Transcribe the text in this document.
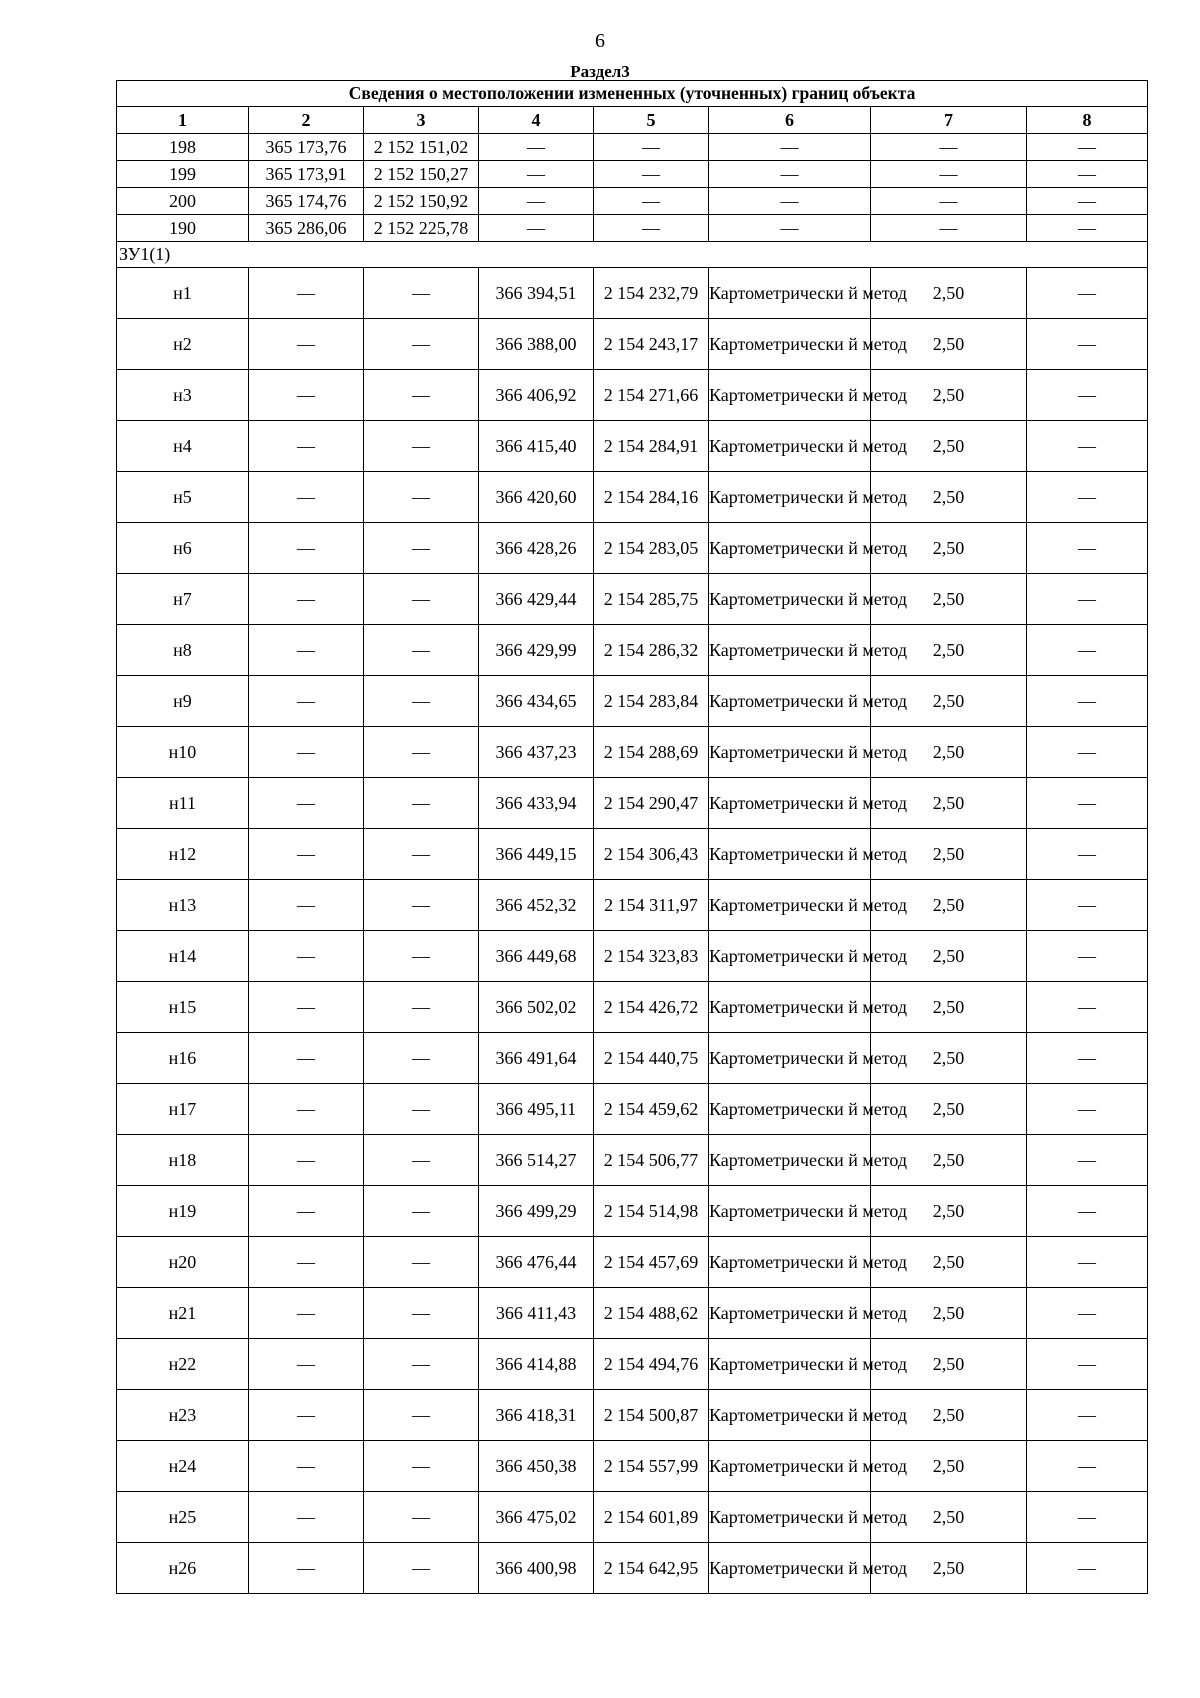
6
Раздел3
Сведения о местоположении измененных (уточненных) границ объекта							
1	2	3	4	5	6	7	8
198	365 173,76	2 152 151,02	—	—	—	—	—
199	365 173,91	2 152 150,27	—	—	—	—	—
200	365 174,76	2 152 150,92	—	—	—	—	—
190	365 286,06	2 152 225,78	—	—	—	—	—
ЗУ1(1)							
н1	—	—	366 394,51	2 154 232,79	Картометрически й метод	2,50	—
н2	—	—	366 388,00	2 154 243,17	Картометрически й метод	2,50	—
н3	—	—	366 406,92	2 154 271,66	Картометрически й метод	2,50	—
н4	—	—	366 415,40	2 154 284,91	Картометрически й метод	2,50	—
н5	—	—	366 420,60	2 154 284,16	Картометрически й метод	2,50	—
н6	—	—	366 428,26	2 154 283,05	Картометрически й метод	2,50	—
н7	—	—	366 429,44	2 154 285,75	Картометрически й метод	2,50	—
н8	—	—	366 429,99	2 154 286,32	Картометрически й метод	2,50	—
н9	—	—	366 434,65	2 154 283,84	Картометрически й метод	2,50	—
н10	—	—	366 437,23	2 154 288,69	Картометрически й метод	2,50	—
н11	—	—	366 433,94	2 154 290,47	Картометрически й метод	2,50	—
н12	—	—	366 449,15	2 154 306,43	Картометрически й метод	2,50	—
н13	—	—	366 452,32	2 154 311,97	Картометрически й метод	2,50	—
н14	—	—	366 449,68	2 154 323,83	Картометрически й метод	2,50	—
н15	—	—	366 502,02	2 154 426,72	Картометрически й метод	2,50	—
н16	—	—	366 491,64	2 154 440,75	Картометрически й метод	2,50	—
н17	—	—	366 495,11	2 154 459,62	Картометрически й метод	2,50	—
н18	—	—	366 514,27	2 154 506,77	Картометрически й метод	2,50	—
н19	—	—	366 499,29	2 154 514,98	Картометрически й метод	2,50	—
н20	—	—	366 476,44	2 154 457,69	Картометрически й метод	2,50	—
н21	—	—	366 411,43	2 154 488,62	Картометрически й метод	2,50	—
н22	—	—	366 414,88	2 154 494,76	Картометрически й метод	2,50	—
н23	—	—	366 418,31	2 154 500,87	Картометрически й метод	2,50	—
н24	—	—	366 450,38	2 154 557,99	Картометрически й метод	2,50	—
н25	—	—	366 475,02	2 154 601,89	Картометрически й метод	2,50	—
н26	—	—	366 400,98	2 154 642,95	Картометрически й метод	2,50	—
